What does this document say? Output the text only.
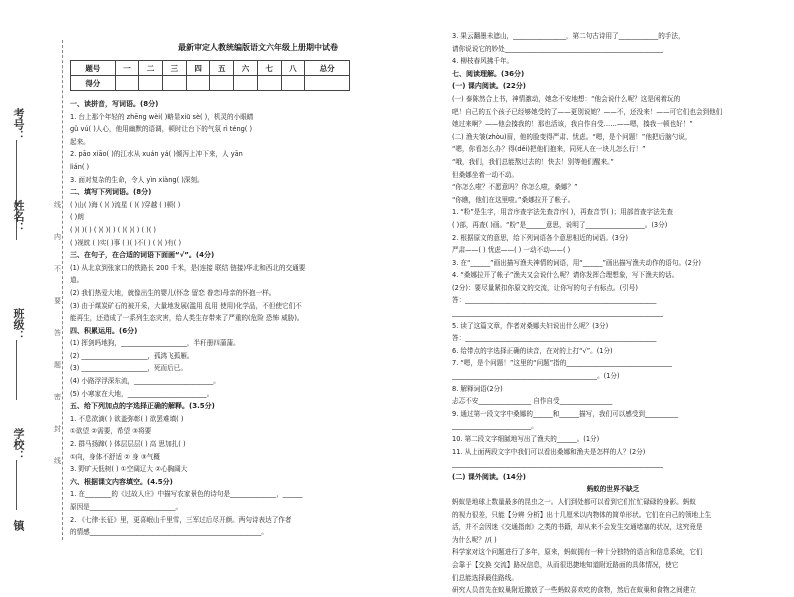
考号：
姓名：
班级：
学校：
镇
线
内
不
要
答
题
密
封
线
最新审定人教统编版语文六年级上册期中试卷
题号	一	二	三	四	五	六	七	八	总分
得分									
一、读拼音，写词语。(8分)
1. 台上那个年轻的 zhēng wèi( )略显xiū sè( )，机灵的小眼睛
gǔ vú( )人心，他用幽默的语调，顿时让台下的气氛 rì téng( )
起来。
2. pāo xiāo( )的江水从 xuán yá( )倾泻上冲下来，人 yān
lián( )
3. 面对复杂的生命，令人 yìn xiàng( )深刻。
二、填写下列词语。(8分)
( )山( )海 ( )( )流星 ( )( )穿越 ( )顿( )
( )朗
( )( )( ) ( )( )( ) ( )( )( ) ( )( )
( )视眈 ( )实( )事 ( )( )不( ) ( )( )有( )
三、在句子，在合适的词语下面画“√”。(4分)
(1) 从北京到张家口的铁路长 200 千米，是(连接 联结 链接)华北和西北的交通要
道。
(2) 我们热爱大地，就像出生的婴儿(怀念 留恋 眷恋)母亲的怀抱一样。
(3) 由于煤炭矿石的被开采，大量地发展(滥用 乱用 使用)化学品，不但使它们不
能再生，还造成了一系列生态灾害，给人类生存带来了严重的(危险 恐怖 威胁)。
四、积累运用。(6分)
(1) 挥剑吗地狗，____________________，半秆册四蒲蒲。
(2) ____________________，孤鸿飞孤雁。
(3) ____________________，死而后已。
(4) 小路浮浮深东流，________________________。
(5) 小寒家在大地，________________________。
五、给下列加点的字选择正确的解释。(3.5分)
1. 不息欲滴( ) 欲盖弥彰( ) 欲罢难填( )
①欲望 ②需要，希望 ③将要
2. 群马扬蹄( ) 体层层层( ) 高 思加扎( )
①向，身体不舒适 ② 身 ③气概
3. 野旷天低树( ) ①空阔辽大 ②心胸阔大
六、根据课文内容填空。(4.5分)
1. 在________的《过故人庄》中描写农家景色的诗句是______________，______
原因是__________________________。
2. 《七律·长征》里，更喜岷山千里雪，三军过后尽开颜。两句诗表达了作者
的情感____________________________________________________。
3. 果云翻墨未遮山，________________，第二句古诗用了____________的手法，
请你说说它的妙处________________________________________________
4. 柳枝春风拂千年。
七、阅读理解。(36分)
(一) 课内阅读。(22分)
(一) 泰陈然合上书，神情激动，她念不安地想：“他会说什么呢？这是闲着玩的
吧！自己的五个孩子已经够她受的了——更别说她？——不，还没来！——可它们也会到他们
她过来啊？——他会揍我的！那也活该，我自作自受……——嗯，揍我一顿也好！”
(二) 渔夫皱(zhòu)眉，他的脸变得严肃、忧虑。“嗯，是个问题！”他把后脑勺说，
“嗯，你看怎么办？得(děi)把他们抱来，同死人在一块儿怎么行！”
“哦，我们，我们总能熬过去的！快去！别等他们醒来。”
但桑娜坐着一动不动。
“你怎么啦？不愿意吗？你怎么啦，桑娜？”
“你瞧，他们在这里啦。”桑娜拉开了帐子。
1. “粉”是生字，用音序查字法先查音序( )，再查音节( )；用部首查字法先查
( )部，再查( )画。“粉”是______意思，说明了__________________。(3分)
2. 根据原文的意思，给下列词语各个意思相近的词语。(3分)
严肃——( ) 忧虑——( ) 一动不动——( )
3. 在“______”画出描写渔夫神情的词语，用“______”画出描写渔夫动作的语句。(2分)
4. “桑娜拉开了帐子”渔夫又会说什么呢？请你发挥合理想象，写下渔夫的话。
(2分)：要尽量紧扣你原文的交流，让你写的句子有标点。(引号)
答：__________________________________________________________
________________________________________________________________
5. 读了这篇文章，作者对桑娜夫妇说出什么呢？(3分)
答：__________________________________________________________
6. 给带点的字选择正确的读音，在对的上打“√”。(1分)
7. “嗯，是个问题！”这里的“问题”指的________________________________
____________________________________________。(1分)
8. 解释词语(2分)
忐忑不安________________ 自作自受________________
9. 通过第一段文字中桑娜的______和______描写，我们可以感受到__________
________________________。
10. 第二段文字细腻地写出了渔夫的______。(1分)
11. 从上面两段文字中我们可以看出桑娜和渔夫是怎样的人？(2分)
________________________________________________________________
(二) 课外阅读。(14分)
蚂蚁的世界不缺乏
蚂蚁是地球上数量最多的昆虫之一。人们到处都可以看到它们忙忙碌碌的身影。蚂蚁
的视力很差，只能【分辨 分析】出十几厘米以内物体的简单形状。它们在自己的领地上生
活，并不会因迷《交通指南》之类的书籍，却从来不会发生交通堵塞的状况，这究竟是
为什么呢？//( )
科学家对这个问题进行了多年，原来，蚂蚁拥有一种十分独特的语言和信息系统，它们
会靠于【交换 交流】路况信息，从而很迅捷地知道附近路面的具体情况，使它
们总能选择最佳路线。
研究人员首先在蚁巢附近撒放了一些蚂蚁喜欢吃的食物，然后在蚁巢和食物之间建立
